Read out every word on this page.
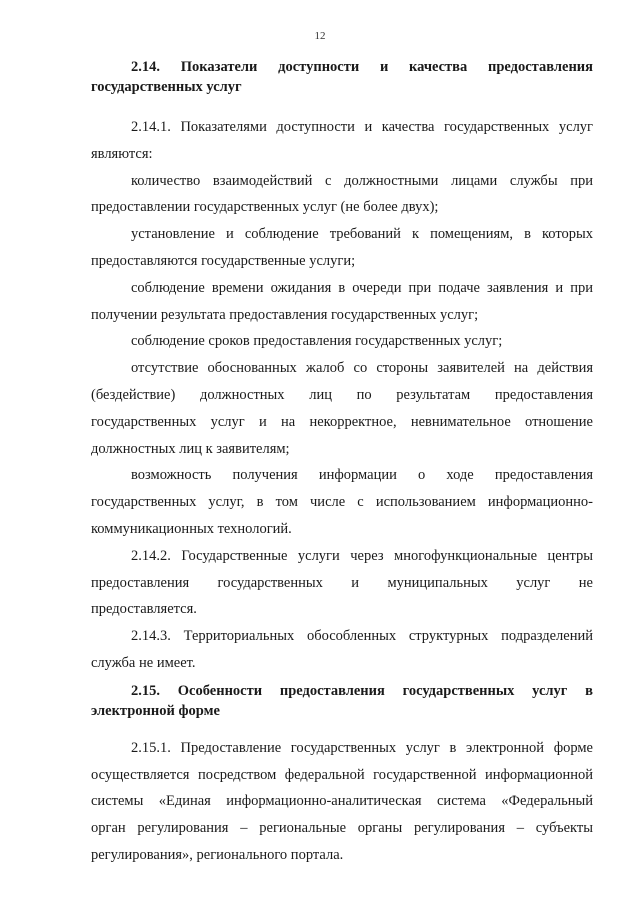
12
2.14. Показатели доступности и качества предоставления
государственных услуг
2.14.1. Показателями доступности и качества государственных услуг
являются:
количество взаимодействий с должностными лицами службы при
предоставлении государственных услуг (не более двух);
установление и соблюдение требований к помещениям, в которых
предоставляются государственные услуги;
соблюдение времени ожидания в очереди при подаче заявления и при
получении результата предоставления государственных услуг;
соблюдение сроков предоставления государственных услуг;
отсутствие обоснованных жалоб со стороны заявителей на действия
(бездействие) должностных лиц по результатам предоставления
государственных услуг и на некорректное, невнимательное отношение
должностных лиц к заявителям;
возможность получения информации о ходе предоставления
государственных услуг, в том числе с использованием информационно-
коммуникационных технологий.
2.14.2. Государственные услуги через многофункциональные центры
предоставления государственных и муниципальных услуг не
предоставляется.
2.14.3. Территориальных обособленных структурных подразделений
служба не имеет.
2.15. Особенности предоставления государственных услуг в
электронной форме
2.15.1. Предоставление государственных услуг в электронной форме
осуществляется посредством федеральной государственной информационной
системы «Единая информационно-аналитическая система «Федеральный
орган регулирования – региональные органы регулирования – субъекты
регулирования», регионального портала.
